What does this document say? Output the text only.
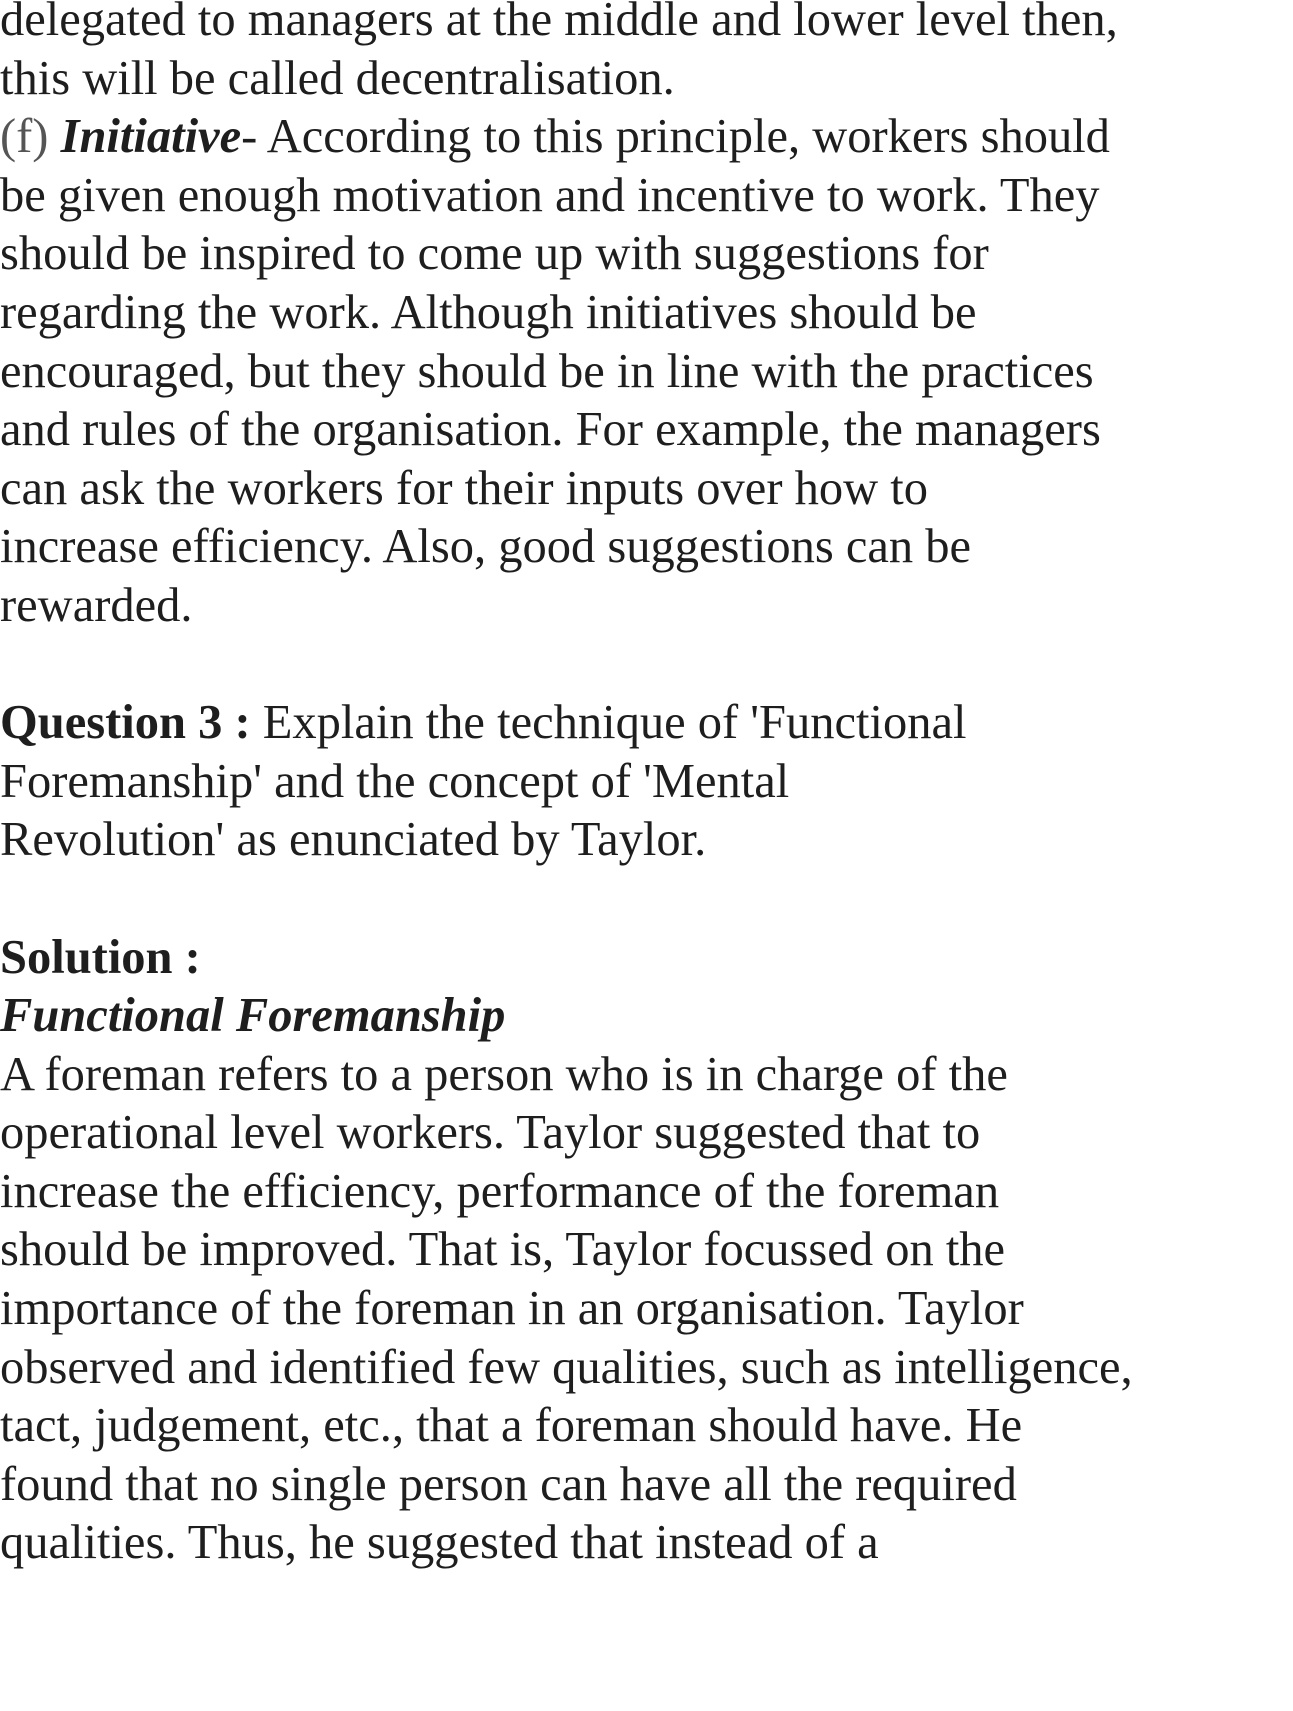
delegated to managers at the middle and lower level then,
this will be called decentralisation.
(f) Initiative- According to this principle, workers should
be given enough motivation and incentive to work. They
should be inspired to come up with suggestions for
regarding the work. Although initiatives should be
encouraged, but they should be in line with the practices
and rules of the organisation. For example, the managers
can ask the workers for their inputs over how to
increase efficiency. Also, good suggestions can be
rewarded.
Question 3 : Explain the technique of 'Functional
Foremanship' and the concept of 'Mental
Revolution' as enunciated by Taylor.
Solution :
Functional Foremanship
A foreman refers to a person who is in charge of the
operational level workers. Taylor suggested that to
increase the efficiency, performance of the foreman
should be improved. That is, Taylor focussed on the
importance of the foreman in an organisation. Taylor
observed and identified few qualities, such as intelligence,
tact, judgement, etc., that a foreman should have. He
found that no single person can have all the required
qualities. Thus, he suggested that instead of a
